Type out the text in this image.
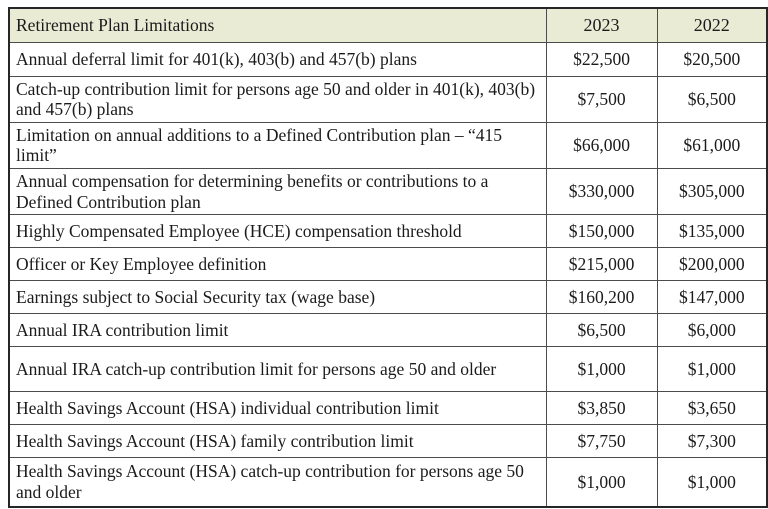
Retirement Plan Limitations	2023	2022
Annual deferral limit for 401(k), 403(b) and 457(b) plans	$22,500	$20,500
Catch-up contribution limit for persons age 50 and older in 401(k), 403(b) and 457(b) plans	$7,500	$6,500
Limitation on annual additions to a Defined Contribution plan – “415 limit”	$66,000	$61,000
Annual compensation for determining benefits or contributions to a Defined Contribution plan	$330,000	$305,000
Highly Compensated Employee (HCE) compensation threshold	$150,000	$135,000
Officer or Key Employee definition	$215,000	$200,000
Earnings subject to Social Security tax (wage base)	$160,200	$147,000
Annual IRA contribution limit	$6,500	$6,000
Annual IRA catch-up contribution limit for persons age 50 and older	$1,000	$1,000
Health Savings Account (HSA) individual contribution limit	$3,850	$3,650
Health Savings Account (HSA) family contribution limit	$7,750	$7,300
Health Savings Account (HSA) catch-up contribution for persons age 50 and older	$1,000	$1,000
